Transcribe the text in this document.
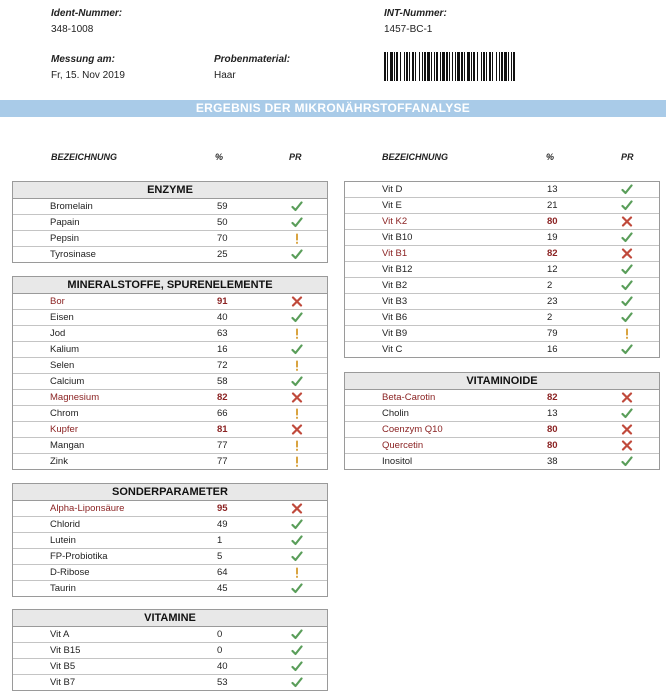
Ident-Nummer:
348-1008
INT-Nummer:
1457-BC-1
Messung am:
Fr, 15. Nov 2019
Probenmaterial:
Haar
ERGEBNIS DER MIKRONÄHRSTOFFANALYSE
BEZEICHNUNG	%	PR	BEZEICHNUNG	%	PR
ENZYME
Bromelain	59
Papain	50
Pepsin	70
Tyrosinase	25
MINERALSTOFFE, SPURENELEMENTE
Bor	91
Eisen	40
Jod	63
Kalium	16
Selen	72
Calcium	58
Magnesium	82
Chrom	66
Kupfer	81
Mangan	77
Zink	77
SONDERPARAMETER
Alpha-Liponsäure	95
Chlorid	49
Lutein	1
FP-Probiotika	5
D-Ribose	64
Taurin	45
VITAMINE
Vit A	0
Vit B15	0
Vit B5	40
Vit B7	53
Vit D	13
Vit E	21
Vit K2	80
Vit B10	19
Vit B1	82
Vit B12	12
Vit B2	2
Vit B3	23
Vit B6	2
Vit B9	79
Vit C	16
VITAMINOIDE
Beta-Carotin	82
Cholin	13
Coenzym Q10	80
Quercetin	80
Inositol	38
